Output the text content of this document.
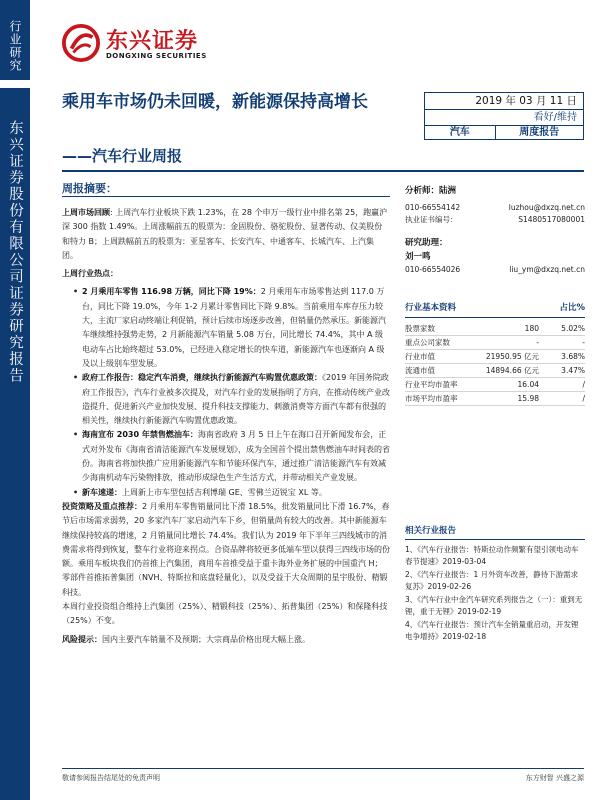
行业研究
东兴证券股份有限公司证券研究报告
东兴证券
DONGXING SECURITIES
乘用车市场仍未回暖，新能源保持高增长
——汽车行业周报
2019 年 03 月 11 日
看好/维持
汽车	周度报告
周报摘要：

上周市场回顾: 上周汽车行业板块下跌 1.23%，在 28 个申万一级行业中排名第 25，跑赢沪深 300 指数 1.49%。上周涨幅前五的股票为：金固股份、骆驼股份、显著传动、仪美股份和特力 B；上周跌幅前五的股票为：亚星客车、长安汽车、中通客车、长城汽车、上汽集团。

上周行业热点：

• 2 月乘用车零售 116.98 万辆，同比下降 19%：2 月乘用车市场零售达到 117.0 万台，同比下降 19.0%，今年 1-2 月累计零售同比下降 9.8%。当前乘用车库存压力较大，主流厂家启动终端让利促销，预计后续市场逐步改善，但销量仍然承压。新能源汽车继续维持强势走势，2 月新能源汽车销量 5.08 万台，同比增长 74.4%，其中 A 级电动车占比始终超过 53.0%，已经进入稳定增长的快车道，新能源汽车也逐渐向 A 级及以上级别车型发展。

• 政府工作报告：稳定汽车消费，继续执行新能源汽车购置优惠政策：《2019 年国务院政府工作报告》，汽车行业被多次提及，对汽车行业的发展指明了方向，在推动传统产业改造提升、促进新兴产业加快发展、提升科技支撑能力、刺激消费等方面汽车都有很强的相关性，继续执行新能源汽车购置优惠政策。

• 海南宣布 2030 年禁售燃油车：海南省政府 3 月 5 日上午在海口召开新闻发布会，正式对外发布《海南省清洁能源汽车发展规划》，成为全国首个提出禁售燃油车时间表的省份。海南省将加快推广应用新能源汽车和节能环保汽车，通过推广清洁能源汽车有效减少海南机动车污染物排放，推动形成绿色生产生活方式，并带动相关产业发展。

• 新车速递：上周新上市车型包括吉利博瑞 GE、雪佛兰迈锐宝 XL 等。

投资策略及重点推荐：2 月乘用车零售销量同比下滑 18.5%，批发销量同比下滑 16.7%，春节后市场需求弱势，20 多家汽车厂家启动汽车下乡，但销量尚有较大的改善。其中新能源车继续保持较高的增速，2 月销量同比增长 74.4%。我们认为 2019 年下半年三四线城市的消费需求将得到恢复，整车行业将迎来拐点。合资品牌将较更多低端车型以获得三四线市场的份额。乘用车板块我们仍首推上汽集团，商用车首推受益于重卡海外业务扩展的中国重汽 H；零部件首推拓普集团（NVH、特斯拉和底盘轻量化），以及受益于大众周期的星宇股份、精锻科技。

本周行业投资组合维持上汽集团（25%）、精锻科技（25%）、拓普集团（25%）和保隆科技（25%）不变。

风险提示：国内主要汽车销量不及预期；大宗商品价格出现大幅上涨。

分析师：陆洲
010-66554142	luzhou@dxzq.net.cn
执业证书编号：	S1480517080001
研究助理：
刘一鸣
010-66554026	liu_ym@dxzq.net.cn
行业基本资料	占比%
股票家数	180	5.02%
重点公司家数	-	-
行业市值	21950.95 亿元	3.68%
流通市值	14894.66 亿元	3.47%
行业平均市盈率	16.04	/
市场平均市盈率	15.98	/
相关行业报告
1、《汽车行业报告：特斯拉动作频繁有望引领电动车春节提速》2019-03-04
2、《汽车行业报告：1 月外资车改善，静待下游需求复苏》2019-02-26
3、《汽车行业中金汽车研究系列报告之（一）：重到无锂，重于无锂》2019-02-19
4、《汽车行业报告：预计汽车全销量重启动，开发锂电争增持》2019-02-18
敬请参阅报告结尾处的免责声明	东方财智 兴盛之源
